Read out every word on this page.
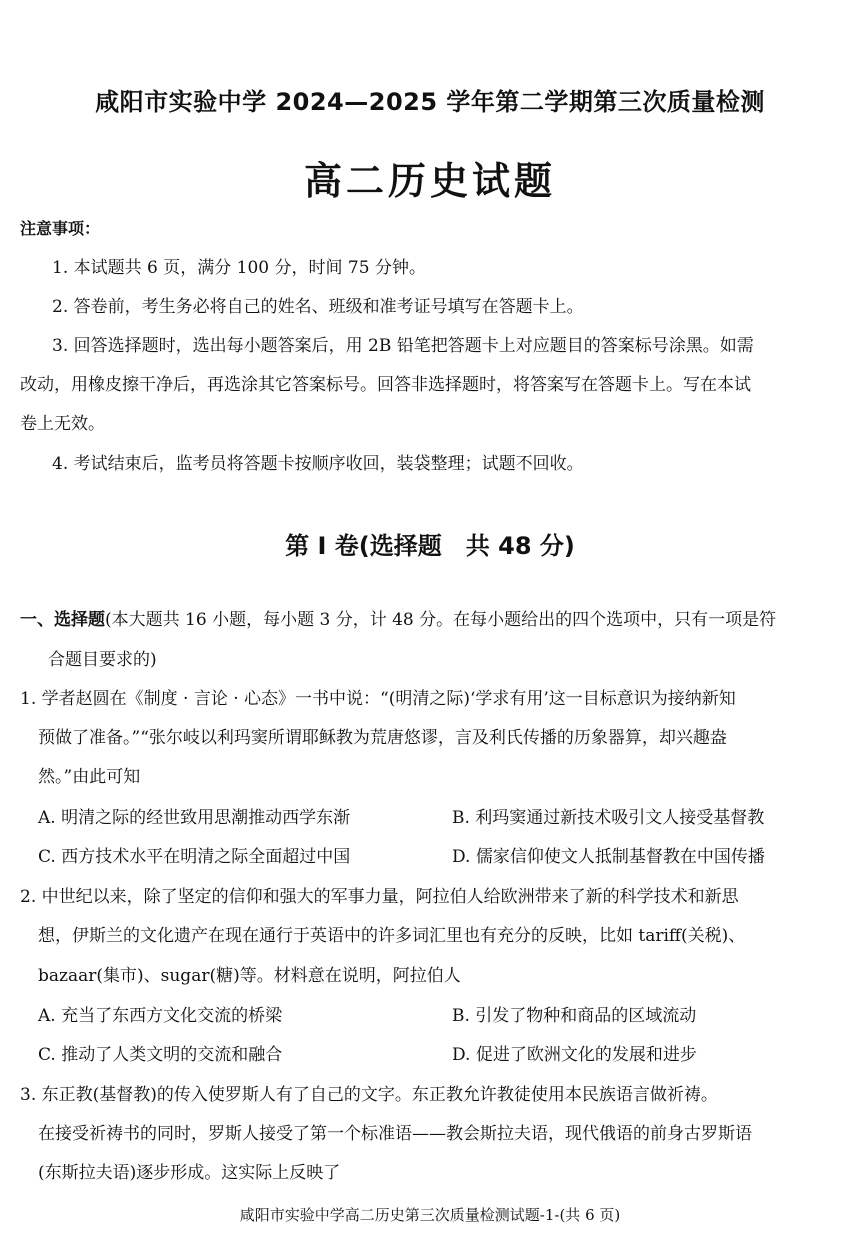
咸阳市实验中学 2024—2025 学年第二学期第三次质量检测
高二历史试题
注意事项：
1. 本试题共 6 页，满分 100 分，时间 75 分钟。
2. 答卷前，考生务必将自己的姓名、班级和准考证号填写在答题卡上。
3. 回答选择题时，选出每小题答案后，用 2B 铅笔把答题卡上对应题目的答案标号涂黑。如需
改动，用橡皮擦干净后，再选涂其它答案标号。回答非选择题时，将答案写在答题卡上。写在本试
卷上无效。
4. 考试结束后，监考员将答题卡按顺序收回，装袋整理；试题不回收。
第 Ⅰ 卷(选择题　共 48 分)
一、选择题(本大题共 16 小题，每小题 3 分，计 48 分。在每小题给出的四个选项中，只有一项是符
合题目要求的)
1. 学者赵圆在《制度 · 言论 · 心态》一书中说：“(明清之际)‘学求有用’这一目标意识为接纳新知
预做了准备。”“张尔岐以利玛窦所谓耶稣教为荒唐悠谬，言及利氏传播的历象器算，却兴趣盎
然。”由此可知
A. 明清之际的经世致用思潮推动西学东渐	B. 利玛窦通过新技术吸引文人接受基督教
C. 西方技术水平在明清之际全面超过中国	D. 儒家信仰使文人抵制基督教在中国传播
2. 中世纪以来，除了坚定的信仰和强大的军事力量，阿拉伯人给欧洲带来了新的科学技术和新思
想，伊斯兰的文化遗产在现在通行于英语中的许多词汇里也有充分的反映，比如 tariff(关税)、
bazaar(集市)、sugar(糖)等。材料意在说明，阿拉伯人
A. 充当了东西方文化交流的桥梁	B. 引发了物种和商品的区域流动
C. 推动了人类文明的交流和融合	D. 促进了欧洲文化的发展和进步
3. 东正教(基督教)的传入使罗斯人有了自己的文字。东正教允许教徒使用本民族语言做祈祷。
在接受祈祷书的同时，罗斯人接受了第一个标准语——教会斯拉夫语，现代俄语的前身古罗斯语
(东斯拉夫语)逐步形成。这实际上反映了
咸阳市实验中学高二历史第三次质量检测试题-1-(共 6 页)
